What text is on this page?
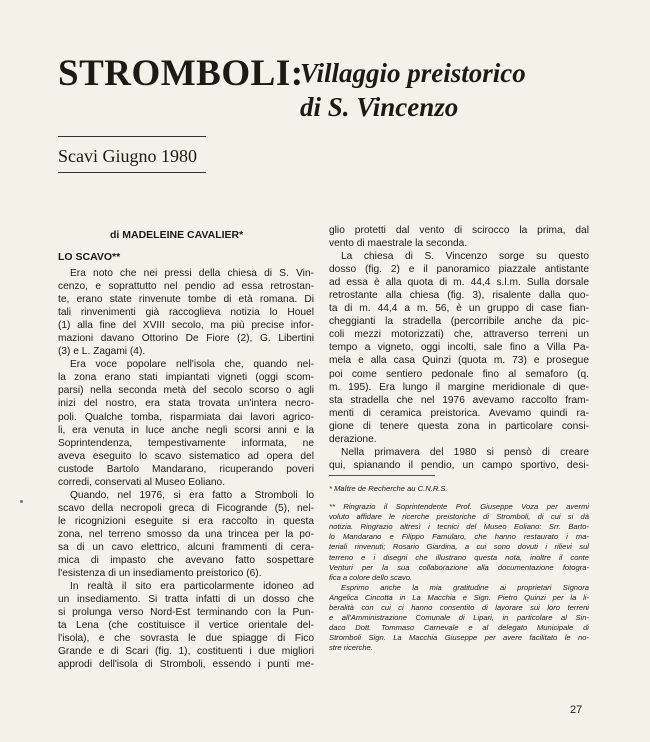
STROMBOLI:
Villaggio preistorico
di S. Vincenzo
Scavi Giugno 1980
di MADELEINE CAVALIER*
LO SCAVO**
Era noto che nei pressi della chiesa di S. Vin-
cenzo, e soprattutto nel pendio ad essa retrostan-
te, erano state rinvenute tombe di età romana. Di
tali rinvenimenti già raccoglieva notizia lo Houel
(1) alla fine del XVIII secolo, ma più precise infor-
mazioni davano Ottorino De Fiore (2), G. Libertini
(3) e L. Zagami (4).
Era voce popolare nell'isola che, quando nel-
la zona erano stati impiantati vigneti (oggi scom-
parsi) nella seconda metà del secolo scorso o agli
inizi del nostro, era stata trovata un'intera necro-
poli. Qualche tomba, risparmiata dai lavori agrico-
li, era venuta in luce anche negli scorsi anni e la
Soprintendenza, tempestivamente informata, ne
aveva eseguito lo scavo sistematico ad opera del
custode Bartolo Mandarano, ricuperando poveri
corredi, conservati al Museo Eoliano.
Quando, nel 1976, si era fatto a Stromboli lo
scavo della necropoli greca di Ficogrande (5), nel-
le ricognizioni eseguite si era raccolto in questa
zona, nel terreno smosso da una trincea per la po-
sa di un cavo elettrico, alcuni frammenti di cera-
mica di impasto che avevano fatto sospettare
l'esistenza di un insediamento preistorico (6).
In realtà il sito era particolarmente idoneo ad
un insediamento. Si tratta infatti di un dosso che
si prolunga verso Nord-Est terminando con la Pun-
ta Lena (che costituisce il vertice orientale del-
l'isola), e che sovrasta le due spiagge di Fico
Grande e di Scari (fig. 1), costituenti i due migliori
approdi dell'isola di Stromboli, essendo i punti me-
glio protetti dal vento di scirocco la prima, dal
vento di maestrale la seconda.
La chiesa di S. Vincenzo sorge su questo
dosso (fig. 2) e il panoramico piazzale antistante
ad essa è alla quota di m. 44,4 s.l.m. Sulla dorsale
retrostante alla chiesa (fig. 3), risalente dalla quo-
ta di m. 44,4 a m. 56, è un gruppo di case fian-
cheggianti la stradella (percorribile anche da pic-
coli mezzi motorizzati) che, attraverso terreni un
tempo a vigneto, oggi incolti, sale fino a Villa Pa-
mela e alla casa Quinzi (quota m. 73) e prosegue
poi come sentiero pedonale fino al semaforo (q.
m. 195). Era lungo il margine meridionale di que-
sta stradella che nel 1976 avevamo raccolto fram-
menti di ceramica preistorica. Avevamo quindi ra-
gione di tenere questa zona in particolare consi-
derazione.
Nella primavera del 1980 si pensò di creare
qui, spianando il pendio, un campo sportivo, desi-
* Maître de Recherche au C.N.R.S.
** Ringrazio il Soprintendente Prof. Giuseppe Voza per avermi
voluto affidare le ricerche preistoriche di Stromboli, di cui si dà
notizia. Ringrazio altresì i tecnici del Museo Eoliano: Srr. Barto-
lo Mandarano e Filippo Famularo, che hanno restaurato i ma-
teriali rinvenuti; Rosario Giardina, a cui sono dovuti i rilievi sul
terreno e i disegni che illustrano questa nota, inoltre il conte
Venturi per la sua collaborazione alla documentazione fotogra-
fica a colore dello scavo.
Esprimo anche la mia gratitudine ai proprietari Signora
Angelica Cincotta in La Macchia e Sign. Pietro Quinzi per la li-
beralità con cui ci hanno consentito di lavorare sui loro terreni
e all'Amministrazione Comunale di Lipari, in particolare al Sin-
daco Dott. Tommaso Carnevale e al delegato Municipale di
Stromboli Sign. La Macchia Giuseppe per avere facilitato le no-
stre ricerche.
27
